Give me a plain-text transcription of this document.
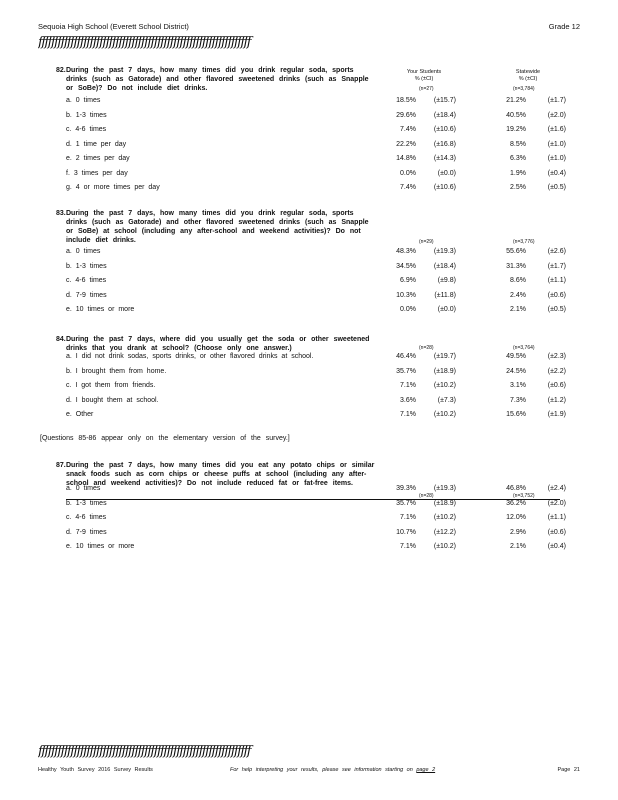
Sequoia High School (Everett School District)	Grade 12
ffffffffffffffffffffffffffffffffffffffffffffffffffffffffffffffffff
Your Students
% (±CI)
Statewide
% (±CI)
82. During the past 7 days, how many times did you drink regular soda, sports drinks (such as Gatorade) and other flavored sweetened drinks (such as Snapple or SoBe)? Do not include diet drinks.	(n=27)	(n=3,784)
a. 0 times	18.5%	(±15.7)	21.2%	(±1.7)
b. 1-3 times	29.6%	(±18.4)	40.5%	(±2.0)
c. 4-6 times	7.4%	(±10.6)	19.2%	(±1.6)
d. 1 time per day	22.2%	(±16.8)	8.5%	(±1.0)
e. 2 times per day	14.8%	(±14.3)	6.3%	(±1.0)
f. 3 times per day	0.0%	(±0.0)	1.9%	(±0.4)
g. 4 or more times per day	7.4%	(±10.6)	2.5%	(±0.5)
83. During the past 7 days, how many times did you drink regular soda, sports drinks (such as Gatorade) and other flavored sweetened drinks (such as Snapple or SoBe) at school (including any after-school and weekend activities)? Do not include diet drinks.	(n=29)	(n=3,776)
a. 0 times	48.3%	(±19.3)	55.6%	(±2.6)
b. 1-3 times	34.5%	(±18.4)	31.3%	(±1.7)
c. 4-6 times	6.9%	(±9.8)	8.6%	(±1.1)
d. 7-9 times	10.3%	(±11.8)	2.4%	(±0.6)
e. 10 times or more	0.0%	(±0.0)	2.1%	(±0.5)
84. During the past 7 days, where did you usually get the soda or other sweetened drinks that you drank at school? (Choose only one answer.)	(n=28)	(n=3,764)
a. I did not drink sodas, sports drinks, or other flavored drinks at school.	46.4%	(±19.7)	49.5%	(±2.3)
b. I brought them from home.	35.7%	(±18.9)	24.5%	(±2.2)
c. I got them from friends.	7.1%	(±10.2)	3.1%	(±0.6)
d. I bought them at school.	3.6%	(±7.3)	7.3%	(±1.2)
e. Other	7.1%	(±10.2)	15.6%	(±1.9)
[Questions 85-86 appear only on the elementary version of the survey.]
87. During the past 7 days, how many times did you eat any potato chips or similar snack foods such as corn chips or cheese puffs at school (including any after-school and weekend activities)? Do not include reduced fat or fat-free items.
(n=28)	(n=3,752)
a. 0 times	39.3%	(±19.3)	46.8%	(±2.4)
b. 1-3 times	35.7%	(±18.9)	36.2%	(±2.0)
c. 4-6 times	7.1%	(±10.2)	12.0%	(±1.1)
d. 7-9 times	10.7%	(±12.2)	2.9%	(±0.6)
e. 10 times or more	7.1%	(±10.2)	2.1%	(±0.4)
ffffffffffffffffffffffffffffffffffffffffffffffffffffffffffffffffff
Healthy Youth Survey 2016 Survey Results	For help interpreting your results, please see information starting on page 2	Page 21
